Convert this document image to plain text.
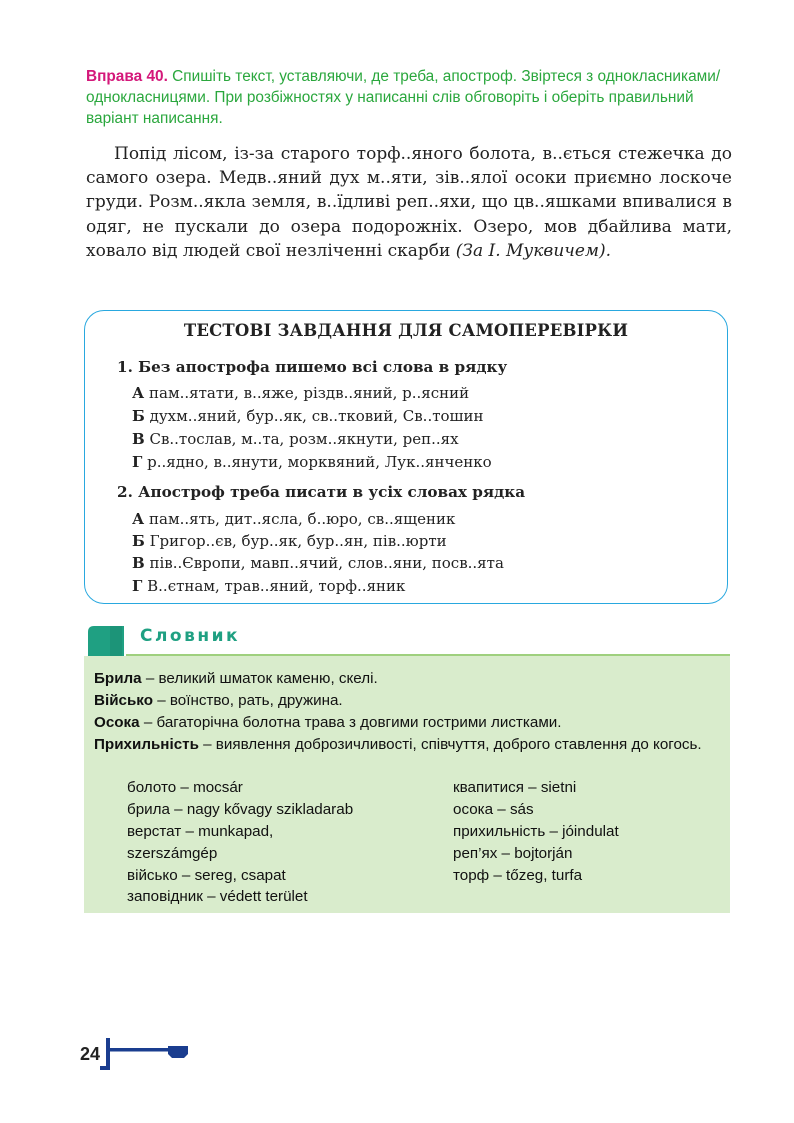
Вправа 40. Спишіть текст, уставляючи, де треба, апостроф. Звіртеся з однокласниками/однокласницями. При розбіжностях у написанні слів обговоріть і оберіть правильний варіант написання.
Попід лісом, із-за старого торф..яного болота, в..ється стежечка до самого озера. Медв..яний дух м..яти, зів..ялої осоки приємно лоскоче груди. Розм..якла земля, в..їдливі реп..яхи, що цв..яшками впивалися в одяг, не пускали до озера подорожніх. Озеро, мов дбайлива мати, ховало від людей свої незліченні скарби (За І. Муквичем).
ТЕСТОВІ ЗАВДАННЯ ДЛЯ САМОПЕРЕВІРКИ
1. Без апострофа пишемо всі слова в рядку
А пам..ятати, в..яже, різдв..яний, р..ясний
Б духм..яний, бур..як, св..тковий, Св..тошин
В Св..тослав, м..та, розм..якнути, реп..ях
Г р..ядно, в..янути, морквяний, Лук..янченко
2. Апостроф треба писати в усіх словах рядка
А пам..ять, дит..ясла, б..юро, св..ященик
Б Григор..єв, бур..як, бур..ян, пів..юрти
В пів..Європи, мавп..ячий, слов..яни, посв..ята
Г В..єтнам, трав..яний, торф..яник
Словник
Брила – великий шматок каменю, скелі.
Військо – воїнство, рать, дружина.
Осока – багаторічна болотна трава з довгими гострими листками.
Прихильність – виявлення доброзичливості, співчуття, доброго ставлення до когось.
болото – mocsár
брила – nagy kővagy szikladarab
верстат – munkapad,
szerszámgép
військо – sereg, csapat
заповідник – védett terület
квапитися – sietni
осока – sás
прихильність – jóindulat
реп’ях – bojtorján
торф – tőzeg, turfa
24
